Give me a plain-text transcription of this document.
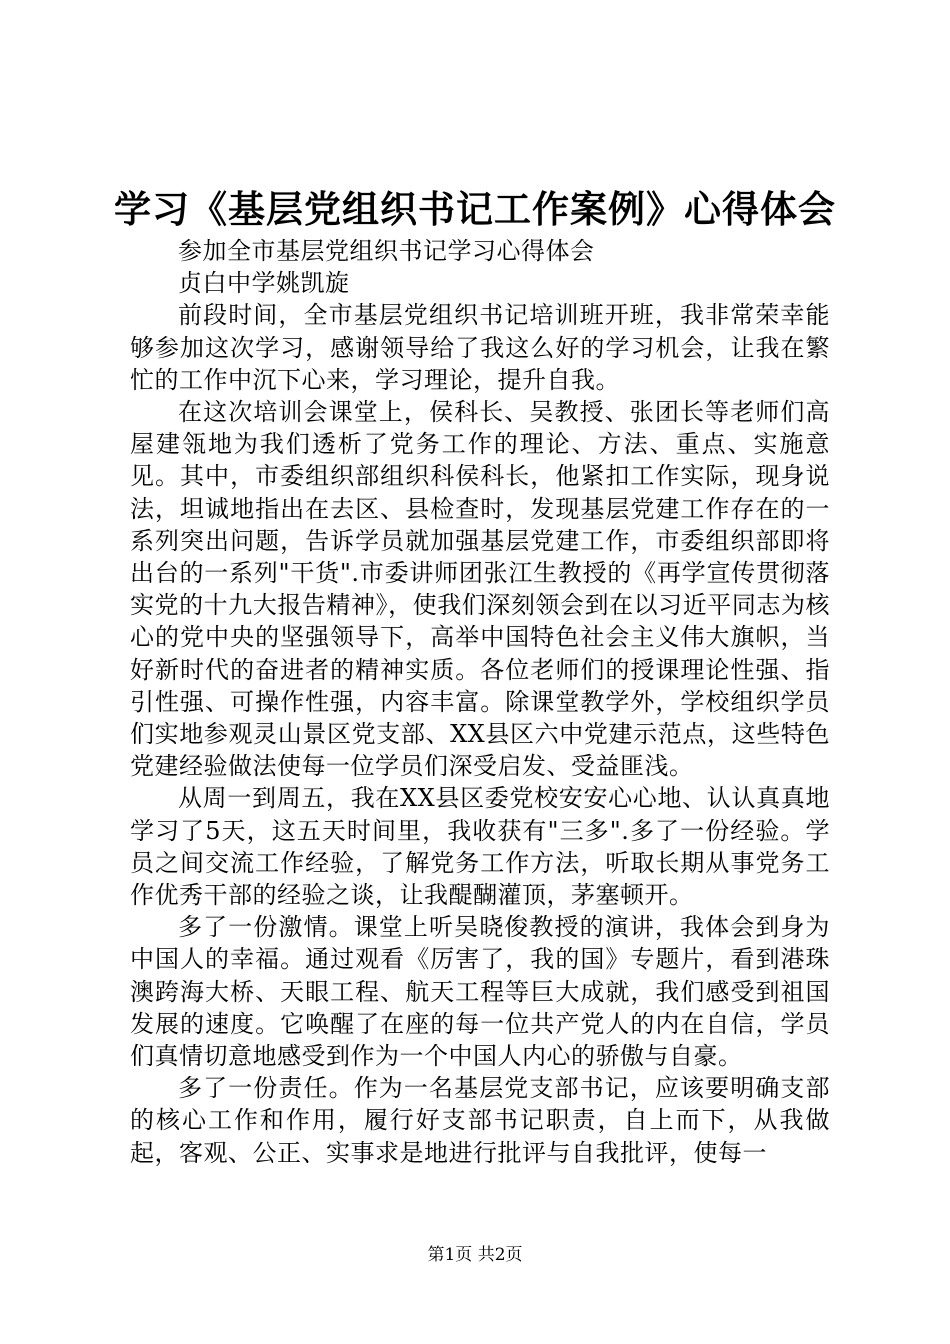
学习《基层党组织书记工作案例》心得体会

参加全市基层党组织书记学习心得体会

贞白中学姚凯旋

前段时间，全市基层党组织书记培训班开班，我非常荣幸能够参加这次学习，感谢领导给了我这么好的学习机会，让我在繁忙的工作中沉下心来，学习理论，提升自我。

在这次培训会课堂上，侯科长、吴教授、张团长等老师们高屋建瓴地为我们透析了党务工作的理论、方法、重点、实施意见。其中，市委组织部组织科侯科长，他紧扣工作实际，现身说法，坦诚地指出在去区、县检查时，发现基层党建工作存在的一系列突出问题，告诉学员就加强基层党建工作，市委组织部即将出台的一系列"干货".市委讲师团张江生教授的《再学宣传贯彻落实党的十九大报告精神》，使我们深刻领会到在以习近平同志为核心的党中央的坚强领导下，高举中国特色社会主义伟大旗帜，当好新时代的奋进者的精神实质。各位老师们的授课理论性强、指引性强、可操作性强，内容丰富。除课堂教学外，学校组织学员们实地参观灵山景区党支部、XX县区六中党建示范点，这些特色党建经验做法使每一位学员们深受启发、受益匪浅。

从周一到周五，我在XX县区委党校安安心心地、认认真真地学习了5天，这五天时间里，我收获有"三多".多了一份经验。学员之间交流工作经验，了解党务工作方法，听取长期从事党务工作优秀干部的经验之谈，让我醍醐灌顶，茅塞顿开。

多了一份激情。课堂上听吴晓俊教授的演讲，我体会到身为中国人的幸福。通过观看《厉害了，我的国》专题片，看到港珠澳跨海大桥、天眼工程、航天工程等巨大成就，我们感受到祖国发展的速度。它唤醒了在座的每一位共产党人的内在自信，学员们真情切意地感受到作为一个中国人内心的骄傲与自豪。

多了一份责任。作为一名基层党支部书记，应该要明确支部的核心工作和作用，履行好支部书记职责，自上而下，从我做起，客观、公正、实事求是地进行批评与自我批评，使每一

第1页 共2页
